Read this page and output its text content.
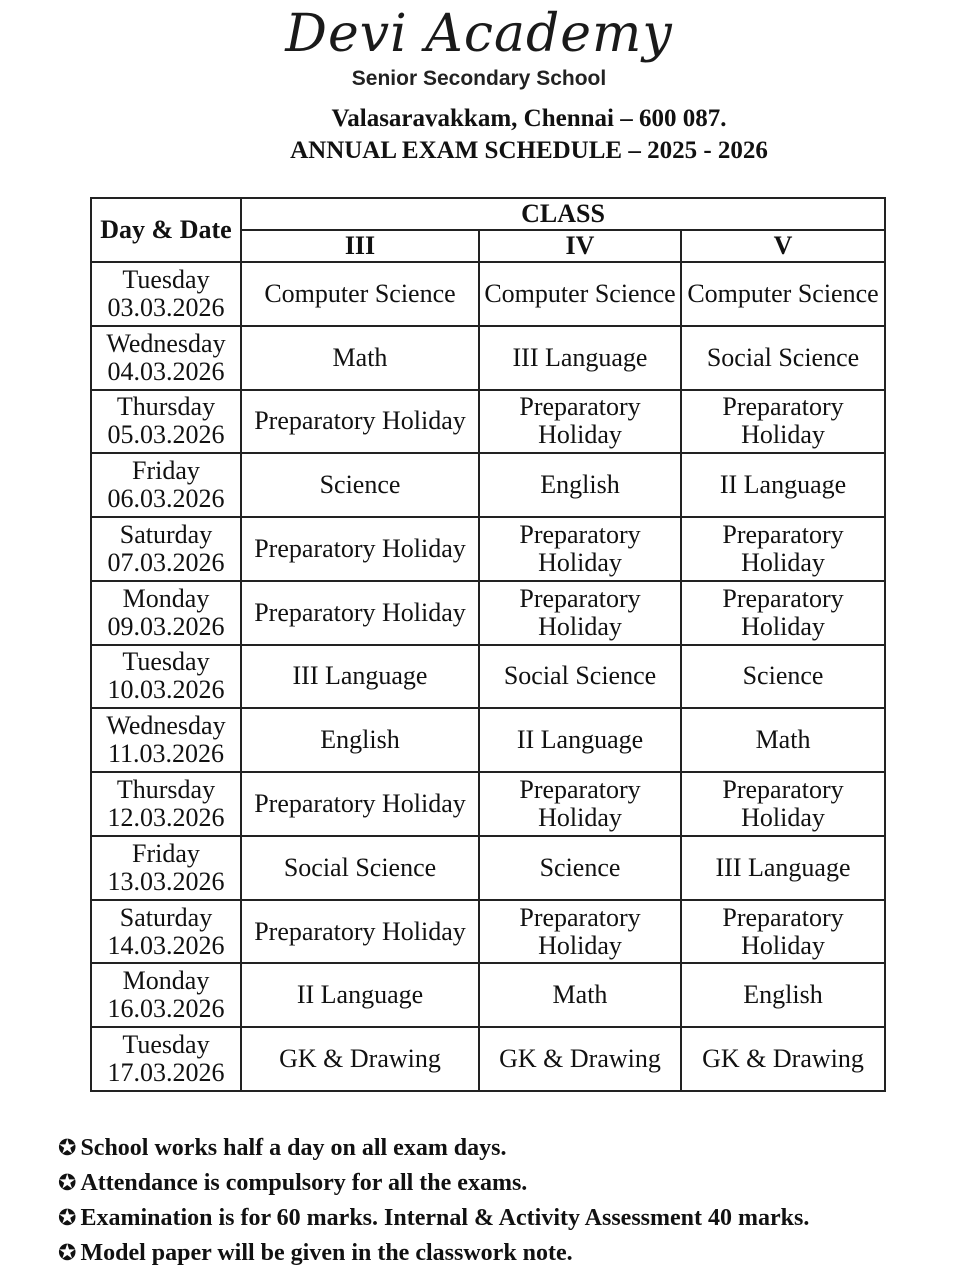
Devi Academy
Senior Secondary School
Valasaravakkam, Chennai – 600 087.
ANNUAL EXAM SCHEDULE – 2025 - 2026
Day & Date	CLASS		
	III	IV	V

Tuesday
03.03.2026	Computer Science	Computer Science	Computer Science

Wednesday
04.03.2026	Math	III Language	Social Science

Thursday
05.03.2026	Preparatory Holiday	Preparatory Holiday	Preparatory Holiday

Friday
06.03.2026	Science	English	II Language

Saturday
07.03.2026	Preparatory Holiday	Preparatory Holiday	Preparatory Holiday

Monday
09.03.2026	Preparatory Holiday	Preparatory Holiday	Preparatory Holiday

Tuesday
10.03.2026	III Language	Social Science	Science

Wednesday
11.03.2026	English	II Language	Math

Thursday
12.03.2026	Preparatory Holiday	Preparatory Holiday	Preparatory Holiday

Friday
13.03.2026	Social Science	Science	III Language

Saturday
14.03.2026	Preparatory Holiday	Preparatory Holiday	Preparatory Holiday

Monday
16.03.2026	II Language	Math	English

Tuesday
17.03.2026	GK & Drawing	GK & Drawing	GK & Drawing
✪ School works half a day on all exam days.
✪ Attendance is compulsory for all the exams.
✪ Examination is for 60 marks. Internal & Activity Assessment 40 marks.
✪ Model paper will be given in the classwork note.
